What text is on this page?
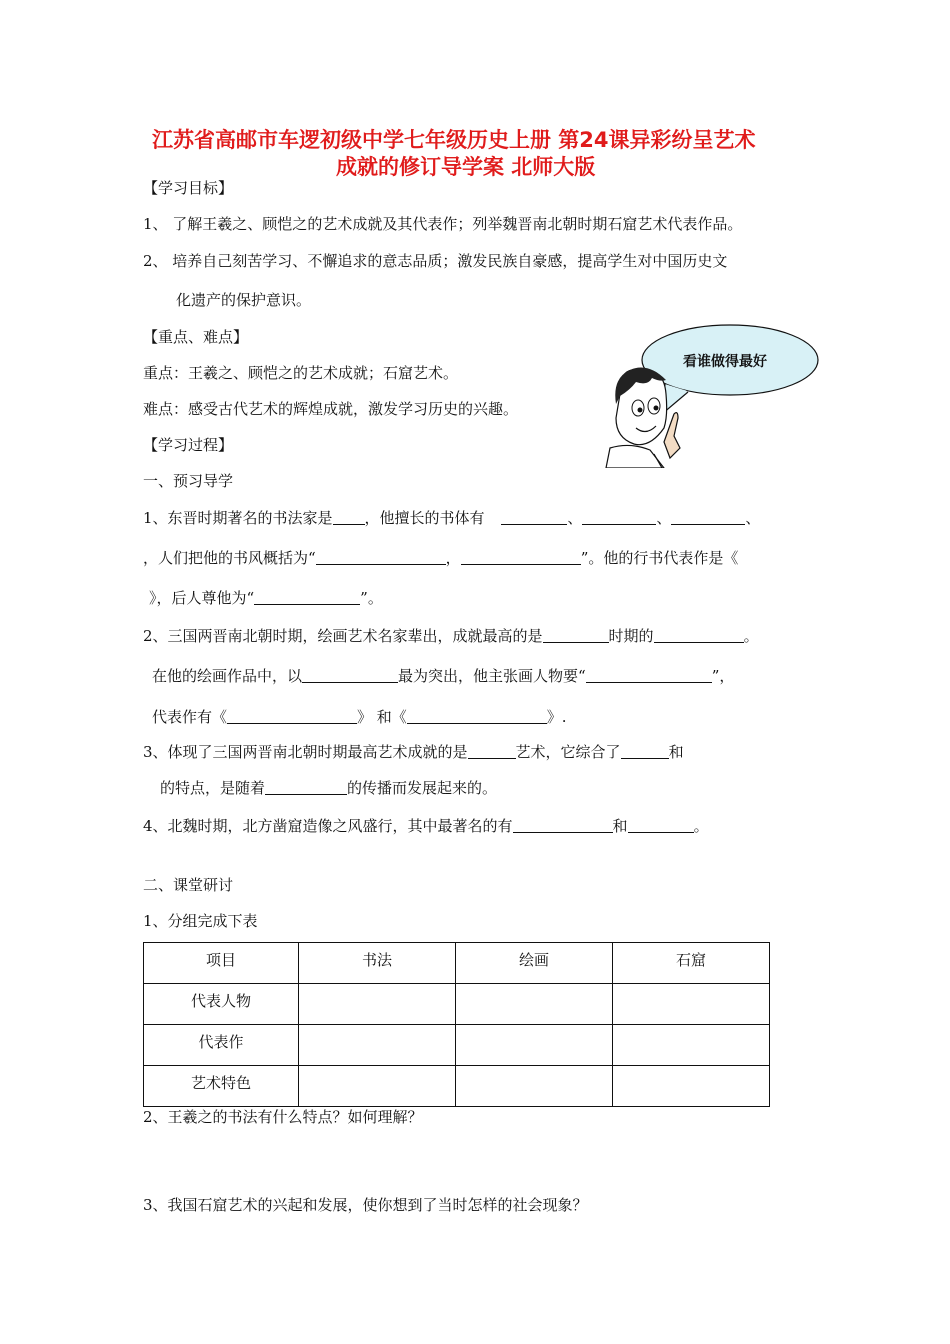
江苏省高邮市车逻初级中学七年级历史上册 第24课异彩纷呈艺术
成就的修订导学案 北师大版
【学习目标】
1、 了解王羲之、顾恺之的艺术成就及其代表作；列举魏晋南北朝时期石窟艺术代表作品。
2、 培养自己刻苦学习、不懈追求的意志品质；激发民族自豪感，提高学生对中国历史文
化遗产的保护意识。
【重点、难点】
重点：王羲之、顾恺之的艺术成就；石窟艺术。
难点：感受古代艺术的辉煌成就，激发学习历史的兴趣。
看谁做得最好
【学习过程】
一、预习导学
1、东晋时期著名的书法家是 ，他擅长的书体有	、	、	、
，人们把他的书风概括为“	，	”。他的行书代表作是《
》，后人尊他为“	”。
2、三国两晋南北朝时期，绘画艺术名家辈出，成就最高的是	时期的	。
在他的绘画作品中，以	最为突出，他主张画人物要“	”，
代表作有《	》 和《	》.
3、体现了三国两晋南北朝时期最高艺术成就的是	艺术，它综合了	和
的特点，是随着	的传播而发展起来的。
4、北魏时期，北方凿窟造像之风盛行，其中最著名的有	和	。
二、课堂研讨
1、分组完成下表
项目	书法	绘画	石窟
代表人物			
代表作			
艺术特色			
2、王羲之的书法有什么特点？如何理解？
3、我国石窟艺术的兴起和发展，使你想到了当时怎样的社会现象？
